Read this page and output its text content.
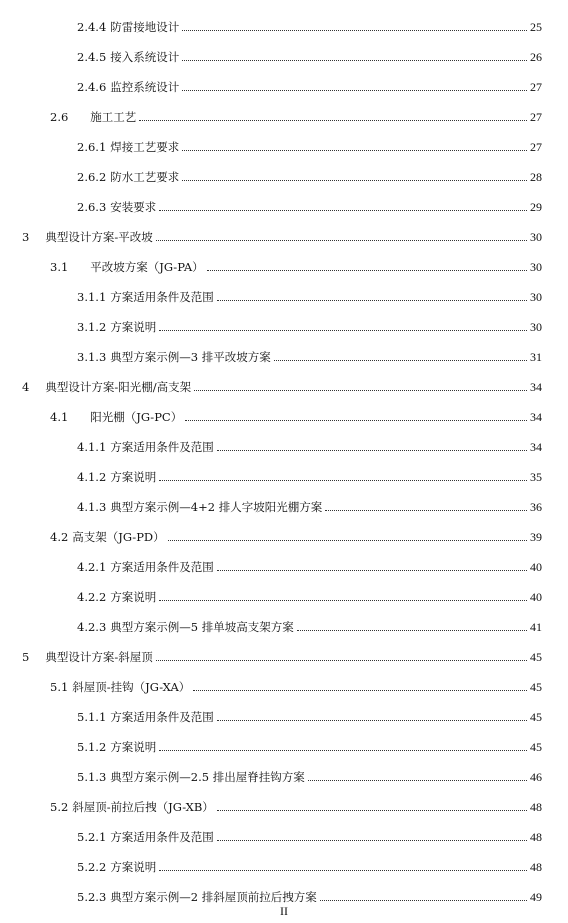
2.4.4 防雷接地设计	25
2.4.5 接入系统设计	26
2.4.6 监控系统设计	27
2.6 施工工艺	27
2.6.1 焊接工艺要求	27
2.6.2 防水工艺要求	28
2.6.3 安装要求	29
3 典型设计方案-平改坡	30
3.1 平改坡方案（JG-PA）	30
3.1.1 方案适用条件及范围	30
3.1.2 方案说明	30
3.1.3 典型方案示例—3 排平改坡方案	31
4 典型设计方案-阳光棚/高支架	34
4.1 阳光棚（JG-PC）	34
4.1.1 方案适用条件及范围	34
4.1.2 方案说明	35
4.1.3 典型方案示例—4+2 排人字坡阳光棚方案	36
4.2 高支架（JG-PD）	39
4.2.1 方案适用条件及范围	40
4.2.2 方案说明	40
4.2.3 典型方案示例—5 排单坡高支架方案	41
5 典型设计方案-斜屋顶	45
5.1 斜屋顶-挂钩（JG-XA）	45
5.1.1 方案适用条件及范围	45
5.1.2 方案说明	45
5.1.3 典型方案示例—2.5 排出屋脊挂钩方案	46
5.2 斜屋顶-前拉后拽（JG-XB）	48
5.2.1 方案适用条件及范围	48
5.2.2 方案说明	48
5.2.3 典型方案示例—2 排斜屋顶前拉后拽方案	49
II
